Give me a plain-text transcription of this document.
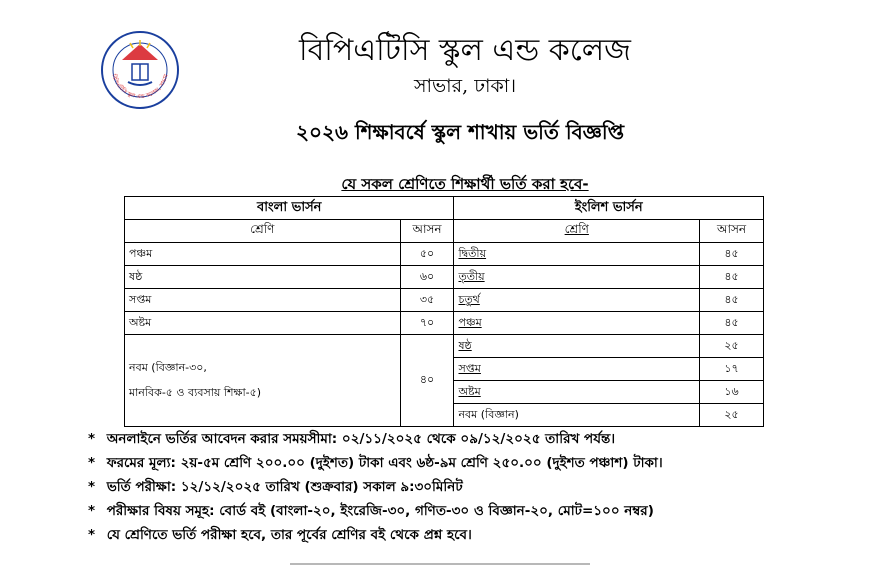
বিপিএটিসি স্কুল এন্ড কলেজ, সাভার
বিপিএটিসি স্কুল এন্ড কলেজ
সাভার, ঢাকা।
২০২৬ শিক্ষাবর্ষে স্কুল শাখায় ভর্তি বিজ্ঞপ্তি
যে সকল শ্রেণিতে শিক্ষার্থী ভর্তি করা হবে-
বাংলা ভার্সন		ইংলিশ ভার্সন	
শ্রেণি	আসন	শ্রেণি	আসন
পঞ্চম	৫০	দ্বিতীয়	৪৫
ষষ্ঠ	৬০	তৃতীয়	৪৫
সপ্তম	৩৫	চতুর্থ	৪৫
অষ্টম	৭০	পঞ্চম	৪৫

নবম (বিজ্ঞান-৩০,
মানবিক-৫ ও ব্যবসায় শিক্ষা-৫)	৪০	ষষ্ঠ	২৫
		সপ্তম	১৭
		অষ্টম	১৬
		নবম (বিজ্ঞান)	২৫
* অনলাইনে ভর্তির আবেদন করার সময়সীমা: ০২/১১/২০২৫ থেকে ০৯/১২/২০২৫ তারিখ পর্যন্ত।
* ফরমের মূল্য: ২য়-৫ম শ্রেণি ২০০.০০ (দুইশত) টাকা এবং ৬ষ্ঠ-৯ম শ্রেণি ২৫০.০০ (দুইশত পঞ্চাশ) টাকা।
* ভর্তি পরীক্ষা: ১২/১২/২০২৫ তারিখ (শুক্রবার) সকাল ৯:৩০মিনিট
* পরীক্ষার বিষয় সমূহ: বোর্ড বই (বাংলা-২০, ইংরেজি-৩০, গণিত-৩০ ও বিজ্ঞান-২০, মোট=১০০ নম্বর)
* যে শ্রেণিতে ভর্তি পরীক্ষা হবে, তার পূর্বের শ্রেণির বই থেকে প্রশ্ন হবে।
